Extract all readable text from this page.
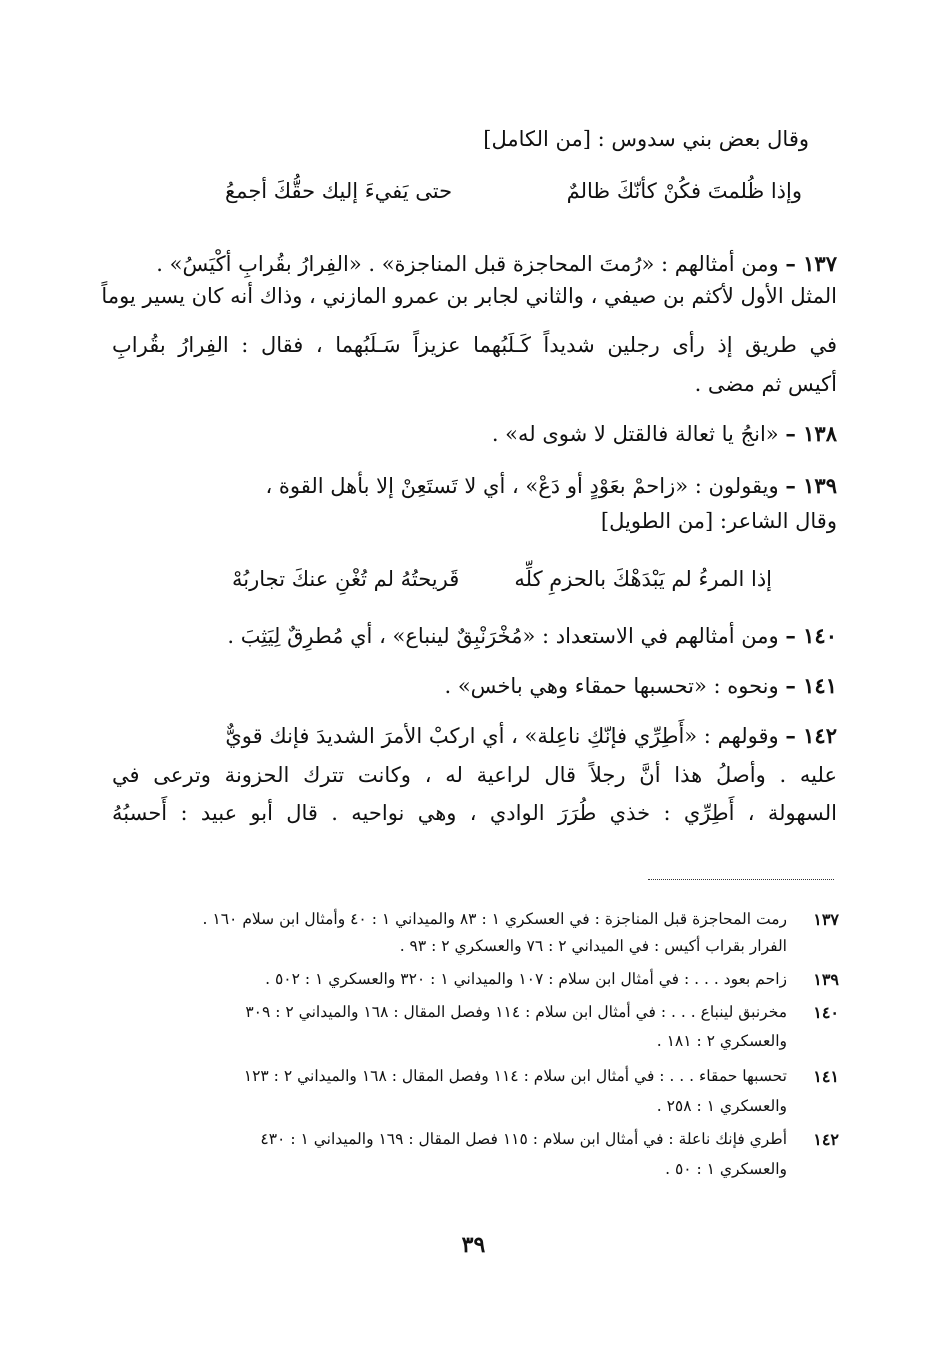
وقال بعض بني سدوس : [من الكامل]
وإذا ظُلمتَ فكُنْ كأنّكَ ظالمٌ
حتى يَفيءَ إليك حقُّكَ أجمعُ
١٣٧ – ومن أمثالهم : «رُمتَ المحاجزة قبل المناجزة» . «الفِرارُ بقُرابِ أكْيَسُ» .
المثل الأول لأكثم بن صيفي ، والثاني لجابر بن عمرو المازني ، وذاك أنه كان يسير يوماً
في طريق إذ رأى رجلين شديداً كَـلَبُهما عزيزاً سَـلَبُهما ، فقال : الفِرارُ بقُرابِ
أكيس ثم مضى .
١٣٨ – «انجُ يا ثعالة فالقتل لا شوى له» .
١٣٩ – ويقولون : «زاحمْ بعَوْدٍ أو دَعْ» ، أي لا تَستَعِنْ إلا بأهل القوة ،
وقال الشاعر: [من الطويل]
إذا المرءُ لم يَبْدَهْكَ بالحزمِ كلِّه
قَريحتُهُ لم تُغْنِ عنكَ تجاربُهْ
١٤٠ – ومن أمثالهم في الاستعداد : «مُخْرَنْبِقٌ لينباع» ، أي مُطرِقٌ لِيَثِبَ .
١٤١ – ونحوه : «تحسبها حمقاء وهي باخس» .
١٤٢ – وقولهم : «أَطِرِّي فإنّكِ ناعِلة» ، أي اركبْ الأمرَ الشديدَ فإنك قويٌّ
عليه . وأصلُ هذا أنَّ رجلاً قال لراعية له ، وكانت تترك الحزونة وترعى في
السهولة ، أَطِرِّي : خذي طُرَرَ الوادي ، وهي نواحيه . قال أبو عبيد : أَحسبُهُ
١٣٧
رمت المحاجزة قبل المناجزة : في العسكري ١ : ٨٣ والميداني ١ : ٤٠ وأمثال ابن سلام ١٦٠ .
الفرار بقراب أكيس : في الميداني ٢ : ٧٦ والعسكري ٢ : ٩٣ .
١٣٩
زاحم بعود . . . : في أمثال ابن سلام : ١٠٧ والميداني ١ : ٣٢٠ والعسكري ١ : ٥٠٢ .
١٤٠
مخرنبق لينباع . . . : في أمثال ابن سلام : ١١٤ وفصل المقال : ١٦٨ والميداني ٢ : ٣٠٩
والعسكري ٢ : ١٨١ .
١٤١
تحسبها حمقاء . . . : في أمثال ابن سلام : ١١٤ وفصل المقال : ١٦٨ والميداني ٢ : ١٢٣
والعسكري ١ : ٢٥٨ .
١٤٢
أطري فإنك ناعلة : في أمثال ابن سلام : ١١٥ فصل المقال : ١٦٩ والميداني ١ : ٤٣٠
والعسكري ١ : ٥٠ .
٣٩
